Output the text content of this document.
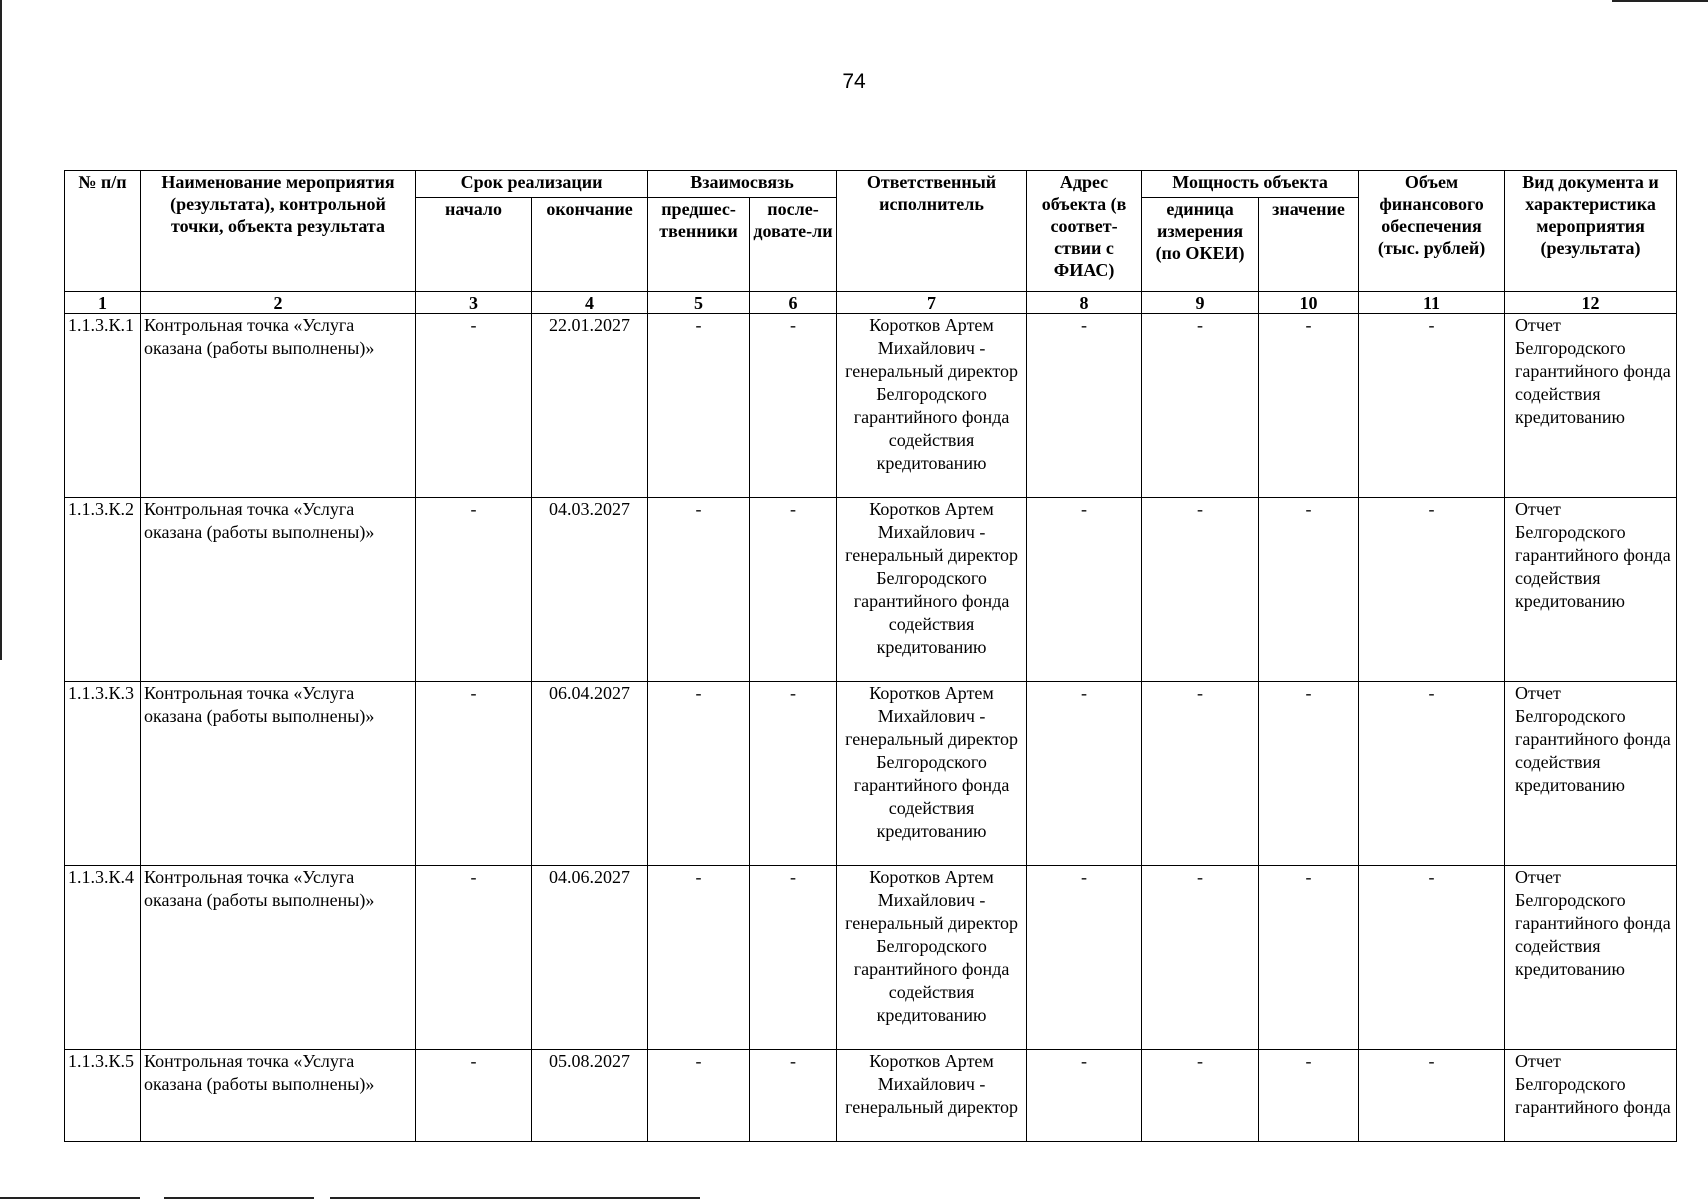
74
№ п/п	Наименование мероприятия (результата), контрольной точки, объекта результата	Срок реализации		Взаимосвязь		Ответственный исполнитель	Адрес объекта (в соответ-ствии с ФИАС)	Мощность объекта		Объем финансового обеспечения (тыс. рублей)	Вид документа и характеристика мероприятия (результата)
		начало	окончание	предшес-твенники	после-довате-ли			единица измерения (по ОКЕИ)	значение		
1	2	3	4	5	6	7	8	9	10	11	12
1.1.3.К.1	Контрольная точка «Услуга оказана (работы выполнены)»	-	22.01.2027	-	-	Коротков Артем Михайлович - генеральный директор Белгородского гарантийного фонда содействия кредитованию	-	-	-	-	Отчет Белгородского гарантийного фонда содействия кредитованию
1.1.3.К.2	Контрольная точка «Услуга оказана (работы выполнены)»	-	04.03.2027	-	-	Коротков Артем Михайлович - генеральный директор Белгородского гарантийного фонда содействия кредитованию	-	-	-	-	Отчет Белгородского гарантийного фонда содействия кредитованию
1.1.3.К.3	Контрольная точка «Услуга оказана (работы выполнены)»	-	06.04.2027	-	-	Коротков Артем Михайлович - генеральный директор Белгородского гарантийного фонда содействия кредитованию	-	-	-	-	Отчет Белгородского гарантийного фонда содействия кредитованию
1.1.3.К.4	Контрольная точка «Услуга оказана (работы выполнены)»	-	04.06.2027	-	-	Коротков Артем Михайлович - генеральный директор Белгородского гарантийного фонда содействия кредитованию	-	-	-	-	Отчет Белгородского гарантийного фонда содействия кредитованию
1.1.3.К.5	Контрольная точка «Услуга оказана (работы выполнены)»	-	05.08.2027	-	-	Коротков Артем Михайлович - генеральный директор	-	-	-	-	Отчет Белгородского гарантийного фонда
